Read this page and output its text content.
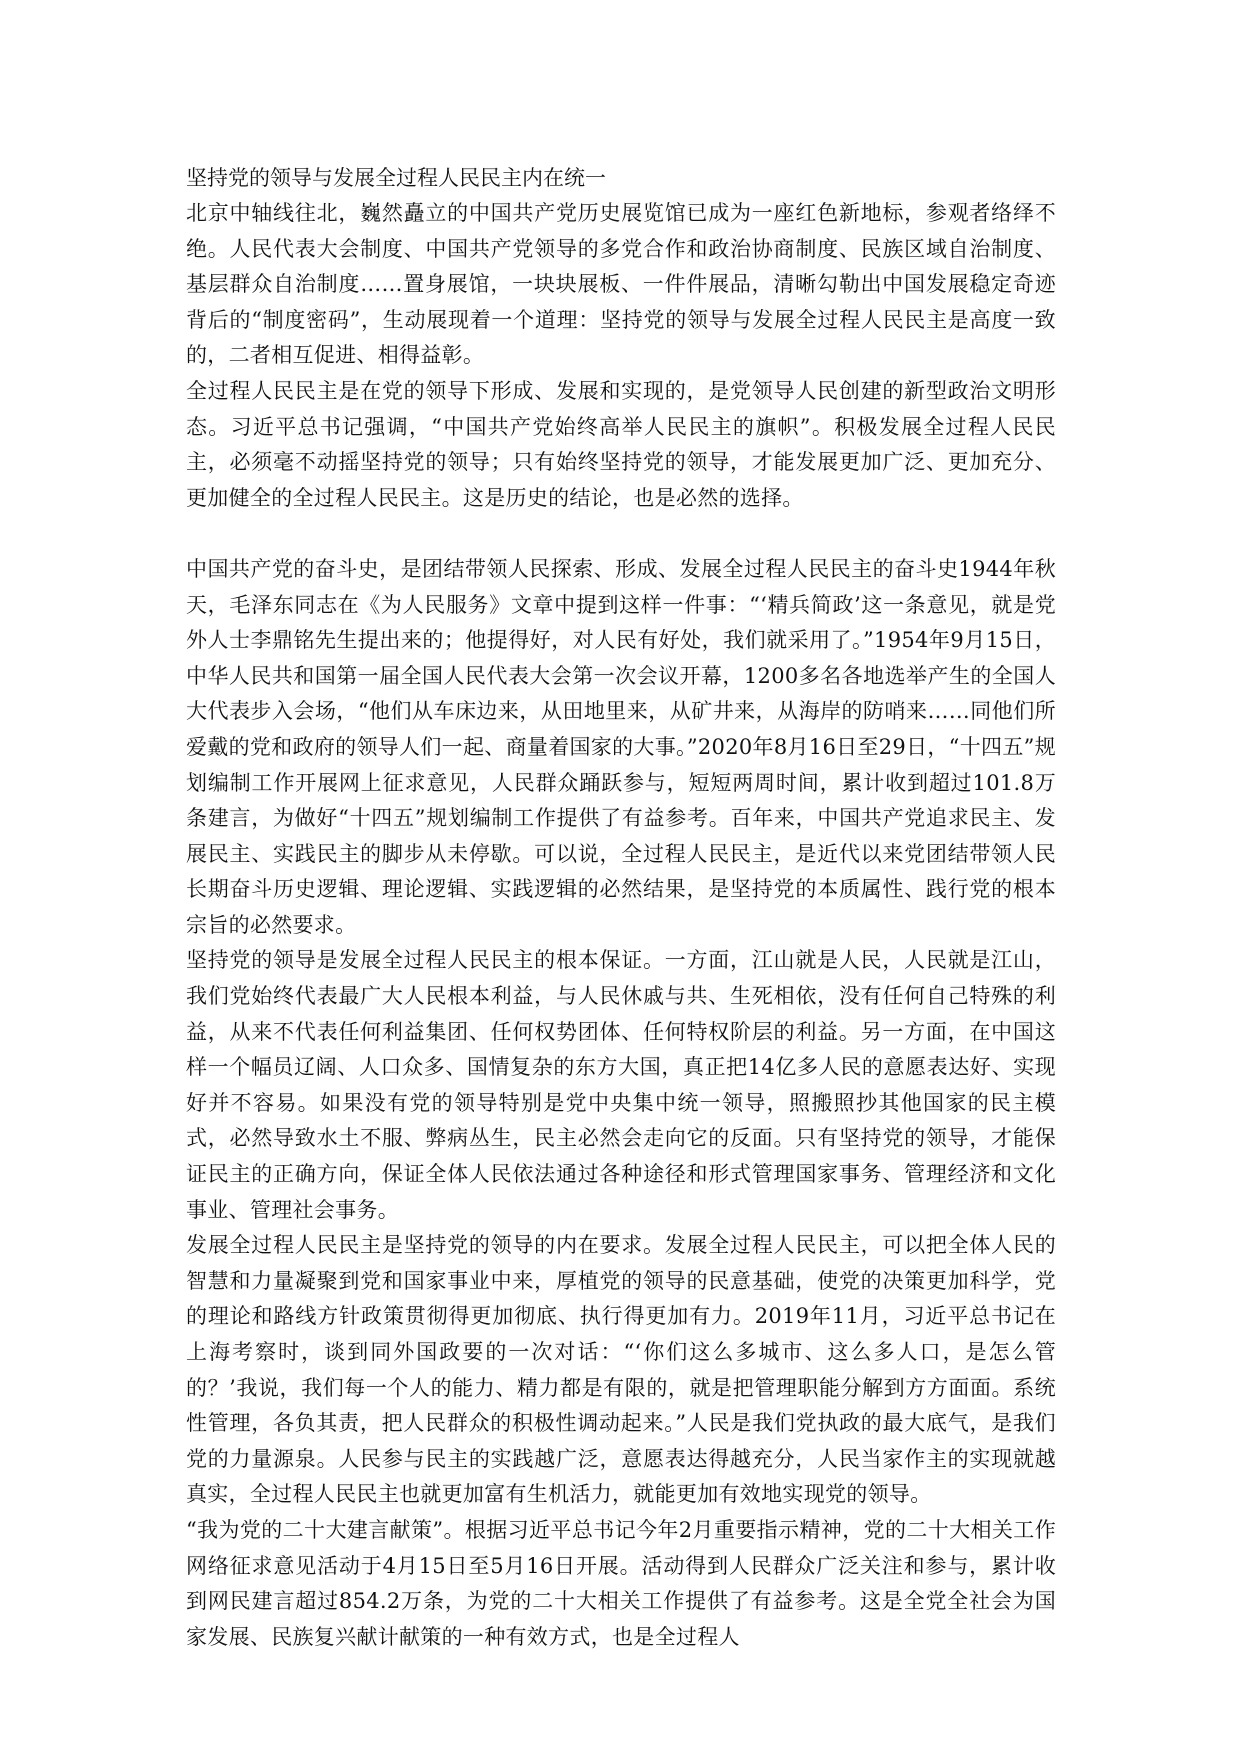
坚持党的领导与发展全过程人民民主内在统一

北京中轴线往北，巍然矗立的中国共产党历史展览馆已成为一座红色新地标，参观者络绎不绝。人民代表大会制度、中国共产党领导的多党合作和政治协商制度、民族区域自治制度、基层群众自治制度……置身展馆，一块块展板、一件件展品，清晰勾勒出中国发展稳定奇迹背后的“制度密码”，生动展现着一个道理：坚持党的领导与发展全过程人民民主是高度一致的，二者相互促进、相得益彰。

全过程人民民主是在党的领导下形成、发展和实现的，是党领导人民创建的新型政治文明形态。习近平总书记强调，“中国共产党始终高举人民民主的旗帜”。积极发展全过程人民民主，必须毫不动摇坚持党的领导；只有始终坚持党的领导，才能发展更加广泛、更加充分、更加健全的全过程人民民主。这是历史的结论，也是必然的选择。

中国共产党的奋斗史，是团结带领人民探索、形成、发展全过程人民民主的奋斗史1944年秋天，毛泽东同志在《为人民服务》文章中提到这样一件事：“‘精兵简政’这一条意见，就是党外人士李鼎铭先生提出来的；他提得好，对人民有好处，我们就采用了。”1954年9月15日，中华人民共和国第一届全国人民代表大会第一次会议开幕，1200多名各地选举产生的全国人大代表步入会场，“他们从车床边来，从田地里来，从矿井来，从海岸的防哨来……同他们所爱戴的党和政府的领导人们一起、商量着国家的大事。”2020年8月16日至29日，“十四五”规划编制工作开展网上征求意见，人民群众踊跃参与，短短两周时间，累计收到超过101.8万条建言，为做好“十四五”规划编制工作提供了有益参考。百年来，中国共产党追求民主、发展民主、实践民主的脚步从未停歇。可以说，全过程人民民主，是近代以来党团结带领人民长期奋斗历史逻辑、理论逻辑、实践逻辑的必然结果，是坚持党的本质属性、践行党的根本宗旨的必然要求。

坚持党的领导是发展全过程人民民主的根本保证。一方面，江山就是人民，人民就是江山，我们党始终代表最广大人民根本利益，与人民休戚与共、生死相依，没有任何自己特殊的利益，从来不代表任何利益集团、任何权势团体、任何特权阶层的利益。另一方面，在中国这样一个幅员辽阔、人口众多、国情复杂的东方大国，真正把14亿多人民的意愿表达好、实现好并不容易。如果没有党的领导特别是党中央集中统一领导，照搬照抄其他国家的民主模式，必然导致水土不服、弊病丛生，民主必然会走向它的反面。只有坚持党的领导，才能保证民主的正确方向，保证全体人民依法通过各种途径和形式管理国家事务、管理经济和文化事业、管理社会事务。

发展全过程人民民主是坚持党的领导的内在要求。发展全过程人民民主，可以把全体人民的智慧和力量凝聚到党和国家事业中来，厚植党的领导的民意基础，使党的决策更加科学，党的理论和路线方针政策贯彻得更加彻底、执行得更加有力。2019年11月，习近平总书记在上海考察时，谈到同外国政要的一次对话：“‘你们这么多城市、这么多人口，是怎么管的？’我说，我们每一个人的能力、精力都是有限的，就是把管理职能分解到方方面面。系统性管理，各负其责，把人民群众的积极性调动起来。”人民是我们党执政的最大底气，是我们党的力量源泉。人民参与民主的实践越广泛，意愿表达得越充分，人民当家作主的实现就越真实，全过程人民民主也就更加富有生机活力，就能更加有效地实现党的领导。

“我为党的二十大建言献策”。根据习近平总书记今年2月重要指示精神，党的二十大相关工作网络征求意见活动于4月15日至5月16日开展。活动得到人民群众广泛关注和参与，累计收到网民建言超过854.2万条，为党的二十大相关工作提供了有益参考。这是全党全社会为国家发展、民族复兴献计献策的一种有效方式，也是全过程人
